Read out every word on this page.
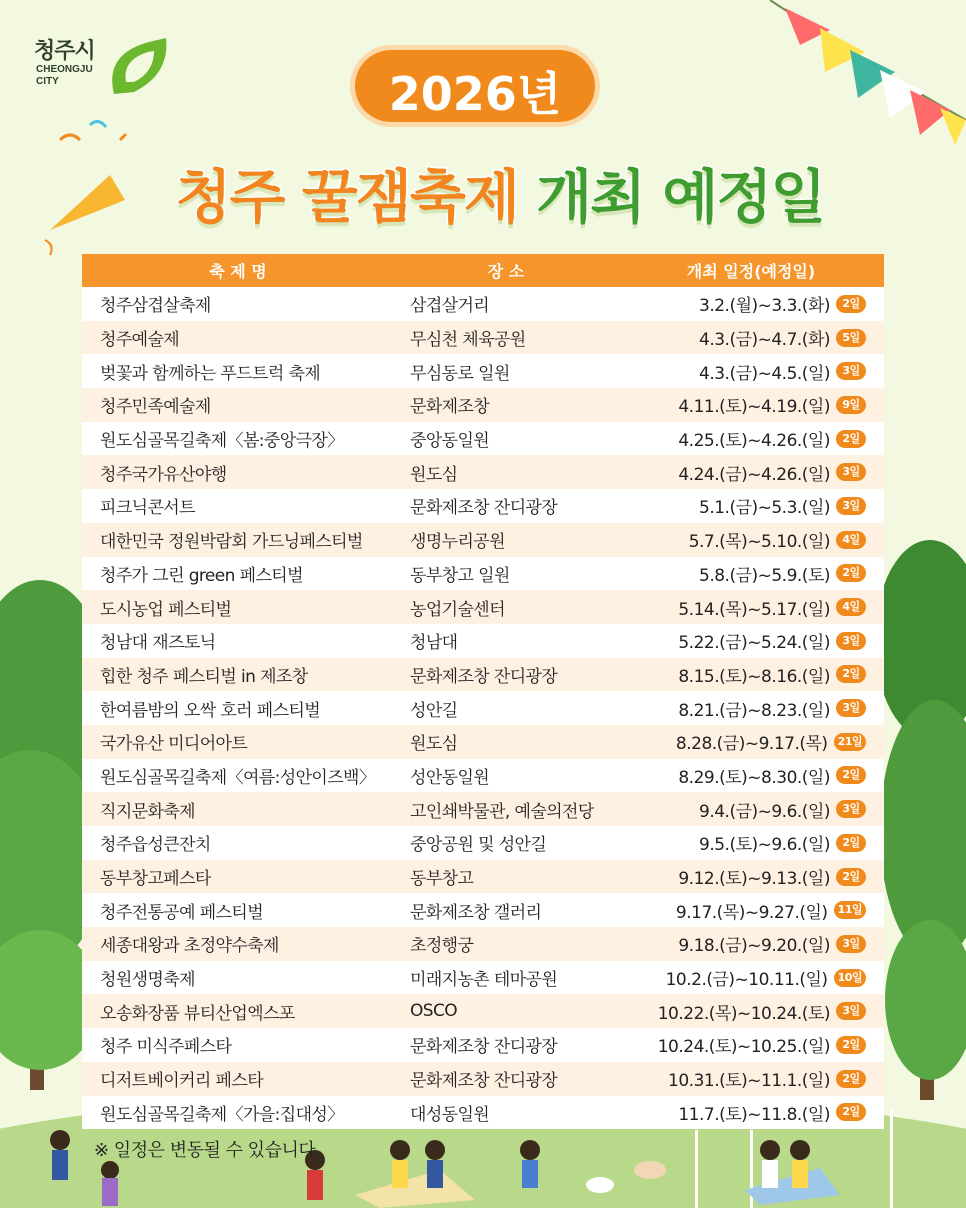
청주시
CHEONGJU CITY	2026년
청주 꿀잼축제 개최 예정일
축 제 명	장 소	개최 일정(예정일)
청주삼겹살축제	삼겹살거리	3.2.(월)~3.3.(화)	2일
청주예술제	무심천 체육공원	4.3.(금)~4.7.(화)	5일
벚꽃과 함께하는 푸드트럭 축제	무심동로 일원	4.3.(금)~4.5.(일)	3일
청주민족예술제	문화제조창	4.11.(토)~4.19.(일)	9일
원도심골목길축제〈봄:중앙극장〉	중앙동일원	4.25.(토)~4.26.(일)	2일
청주국가유산야행	원도심	4.24.(금)~4.26.(일)	3일
피크닉콘서트	문화제조창 잔디광장	5.1.(금)~5.3.(일)	3일
대한민국 정원박람회 가드닝페스티벌	생명누리공원	5.7.(목)~5.10.(일)	4일
청주가 그린 green 페스티벌	동부창고 일원	5.8.(금)~5.9.(토)	2일
도시농업 페스티벌	농업기술센터	5.14.(목)~5.17.(일)	4일
청남대 재즈토닉	청남대	5.22.(금)~5.24.(일)	3일
힙한 청주 페스티벌 in 제조창	문화제조창 잔디광장	8.15.(토)~8.16.(일)	2일
한여름밤의 오싹 호러 페스티벌	성안길	8.21.(금)~8.23.(일)	3일
국가유산 미디어아트	원도심	8.28.(금)~9.17.(목) 21일
원도심골목길축제〈여름:성안이즈백〉	성안동일원	8.29.(토)~8.30.(일)	2일
직지문화축제	고인쇄박물관, 예술의전당	9.4.(금)~9.6.(일)	3일
청주읍성큰잔치	중앙공원 및 성안길	9.5.(토)~9.6.(일)	2일
동부창고페스타	동부창고	9.12.(토)~9.13.(일)	2일
청주전통공예 페스티벌	문화제조창 갤러리	9.17.(목)~9.27.(일) 11일
세종대왕과 초정약수축제	초정행궁	9.18.(금)~9.20.(일)	3일
청원생명축제	미래지농촌 테마공원	10.2.(금)~10.11.(일) 10일
오송화장품 뷰티산업엑스포	OSCO	10.22.(목)~10.24.(토)	3일
청주 미식주페스타	문화제조창 잔디광장	10.24.(토)~10.25.(일)	2일
디저트베이커리 페스타	문화제조창 잔디광장	10.31.(토)~11.1.(일)	2일
원도심골목길축제〈가을:집대성〉	대성동일원	11.7.(토)~11.8.(일)	2일
※ 일정은 변동될 수 있습니다.
